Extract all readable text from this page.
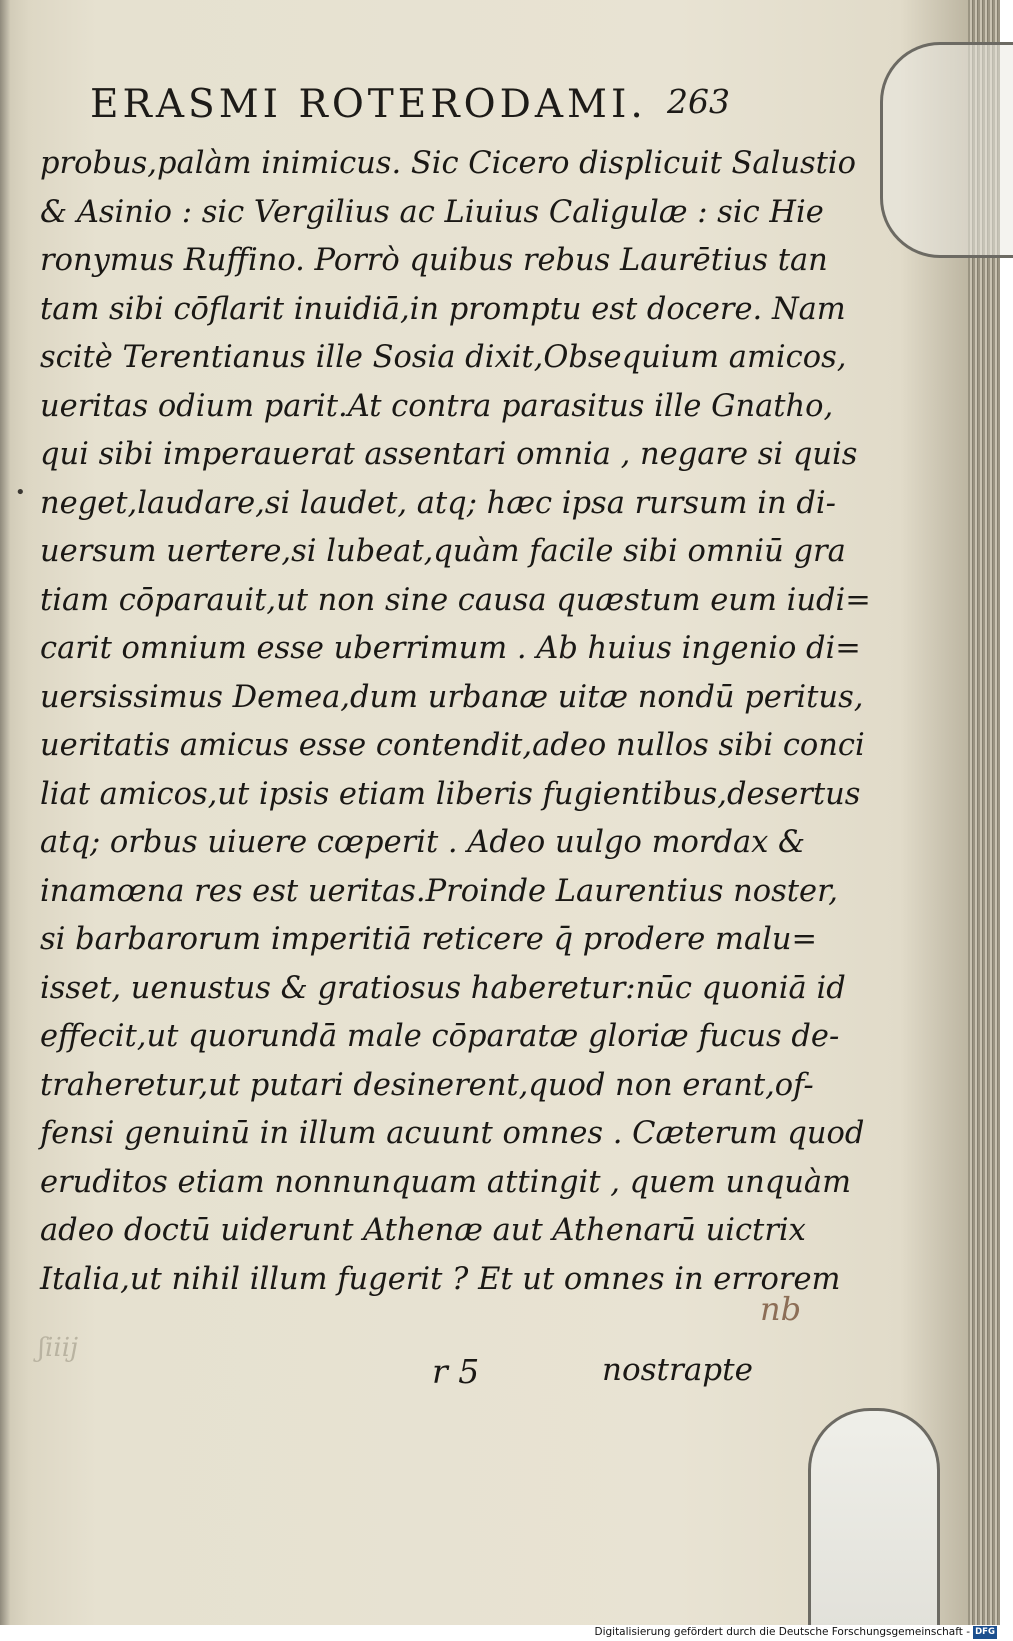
ERASMI ROTERODAMI. 263
•
probus,palàm inimicus. Sic Cicero displicuit Salustio
& Asinio : sic Vergilius ac Liuius Caligulæ : sic Hie
ronymus Ruffino. Porrò quibus rebus Laurētius tan
tam sibi cōflarit inuidiā,in promptu est docere. Nam
scitè Terentianus ille Sosia dixit,Obsequium amicos,
ueritas odium parit.At contra parasitus ille Gnatho,
qui sibi imperauerat assentari omnia , negare si quis
neget,laudare,si laudet, atq; hæc ipsa rursum in di-
uersum uertere,si lubeat,quàm facile sibi omniū gra
tiam cōparauit,ut non sine causa quæstum eum iudi=
carit omnium esse uberrimum . Ab huius ingenio di=
uersissimus Demea,dum urbanæ uitæ nondū peritus,
ueritatis amicus esse contendit,adeo nullos sibi conci
liat amicos,ut ipsis etiam liberis fugientibus,desertus
atq; orbus uiuere cœperit . Adeo uulgo mordax &
inamœna res est ueritas.Proinde Laurentius noster,
si barbarorum imperitiā reticere q̄ prodere malu=
isset, uenustus & gratiosus haberetur:nūc quoniā id
effecit,ut quorundā male cōparatæ gloriæ fucus de-
traheretur,ut putari desinerent,quod non erant,of-
fensi genuinū in illum acuunt omnes . Cæterum quod
eruditos etiam nonnunquam attingit , quem unquàm
adeo doctū uiderunt Athenæ aut Athenarū uictrix
Italia,ut nihil illum fugerit ? Et ut omnes in errorem
ʃiiij
r 5	nostrapte
nb
Digitalisierung gefördert durch die Deutsche Forschungsgemeinschaft - DFG
